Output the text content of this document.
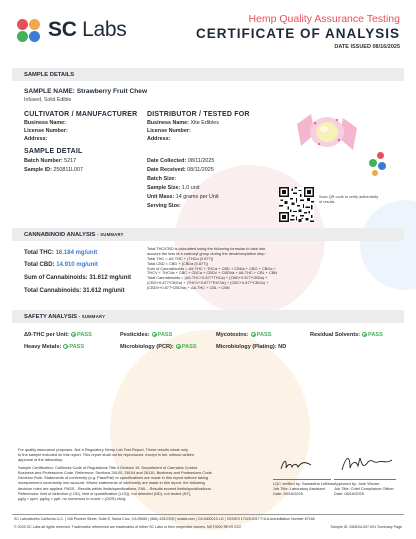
SC Labs	Hemp Quality Assurance Testing
CERTIFICATE OF ANALYSIS
DATE ISSUED 08/16/2025
SAMPLE DETAILS
SAMPLE NAME: Strawberry Fruit Chew
Infused, Solid Edible
CULTIVATOR / MANUFACTURER
Business Name:
License Number:
Address:
DISTRIBUTOR / TESTED FOR
Business Name: Xite Edibles
License Number:
Address:
SAMPLE DETAIL
Batch Number: 5217
Sample ID: 250811L007
Date Collected: 08/11/2025
Date Received: 08/11/2025
Batch Size:
Sample Size: 1.0 unit
Unit Mass: 14 grams per Unit
Serving Size:
Scan QR code to verify authenticity of results.
CANNABINOID ANALYSIS - SUMMARY
Total THC: 16.184 mg/unit
Total CBD: 14.910 mg/unit
Sum of Cannabinoids: 31.612 mg/unit
Total Cannabinoids: 31.612 mg/unit
Total THC/CBD is calculated using the following formulas to take into
account the loss of a carboxyl group during the decarboxylation step:
Total THC = Δ9-THC + (THCa (0.877))
Total CBD = CBD + (CBDa (0.877))
Sum of Cannabinoids = Δ9-THC + THCa + CBD + CBDa + CBG + CBGa +
THCV + THCVa + CBC + CBCa + CBDV + CBDVa + Δ8-THC + CBL + CBN
Total Cannabinoids = (Δ9-THC+0.877*THCa) + (CBD+0.877*CBDa) +
(CBG+0.877*CBGa) + (THCV+0.877*THCVa) + (CBC+0.877*CBCa) +
(CBDV+0.877*CBDVa) + Δ8-THC + CBL + CBN
SAFETY ANALYSIS - SUMMARY
Δ9-THC per Unit: PASS	Pesticides: PASS	Mycotoxins: PASS	Residual Solvents: PASS
Heavy Metals: PASS	Microbiology (PCR): PASS	Microbiology (Plating): ND
For quality assurance purposes. Not a Regulatory Hemp Lab Test Report. These results relate only
to the sample included on this report. This report shall not be reproduced, except in full, without written
approval of the laboratory.
Sample Certification: California Code of Regulations Title 4 Division 19. Department of Cannabis Control
Business and Professions Code. Reference: Sections 26100, 26104 and 26110, Business and Professions Code.
Decision Rule: Statements of conformity (e.g. Pass/Fail) to specifications are made in this report without taking
measurement uncertainty into account. Where statements of conformity are made in this report, the following
decision rules are applied: PASS - Results within limits/specifications, FAIL - Results exceed limits/specifications.
References: limit of detection (LOD), limit of quantification (LOQ), not detected (ND), not tested (NT),
µg/g = ppm, µg/kg = ppb, no numerous to count = (OOS) cfu/g.
LQC verified by: Samantha LeBeau
Job Title: Laboratory Assistant
Date: 08/16/2025
Approved by: Josh Wurzer
Job Title: Chief Compliance Officer
Date: 08/16/2025
SC Laboratories California LLC. | 100 Pioneer Street, Suite E, Santa Cruz, CA 95060 | (866) 435-0709 | sclabs.com | C8-0000013-LIC | ISO/IES 17025:2017 PJLA Accreditation Number 87168
© 2025 SC Labs all rights reserved. Trademarks referenced are trademarks of either SC Labs or their respective owners. MKT0002 REV9 2/22	Sample ID: 250811L007-001 Summary Page
